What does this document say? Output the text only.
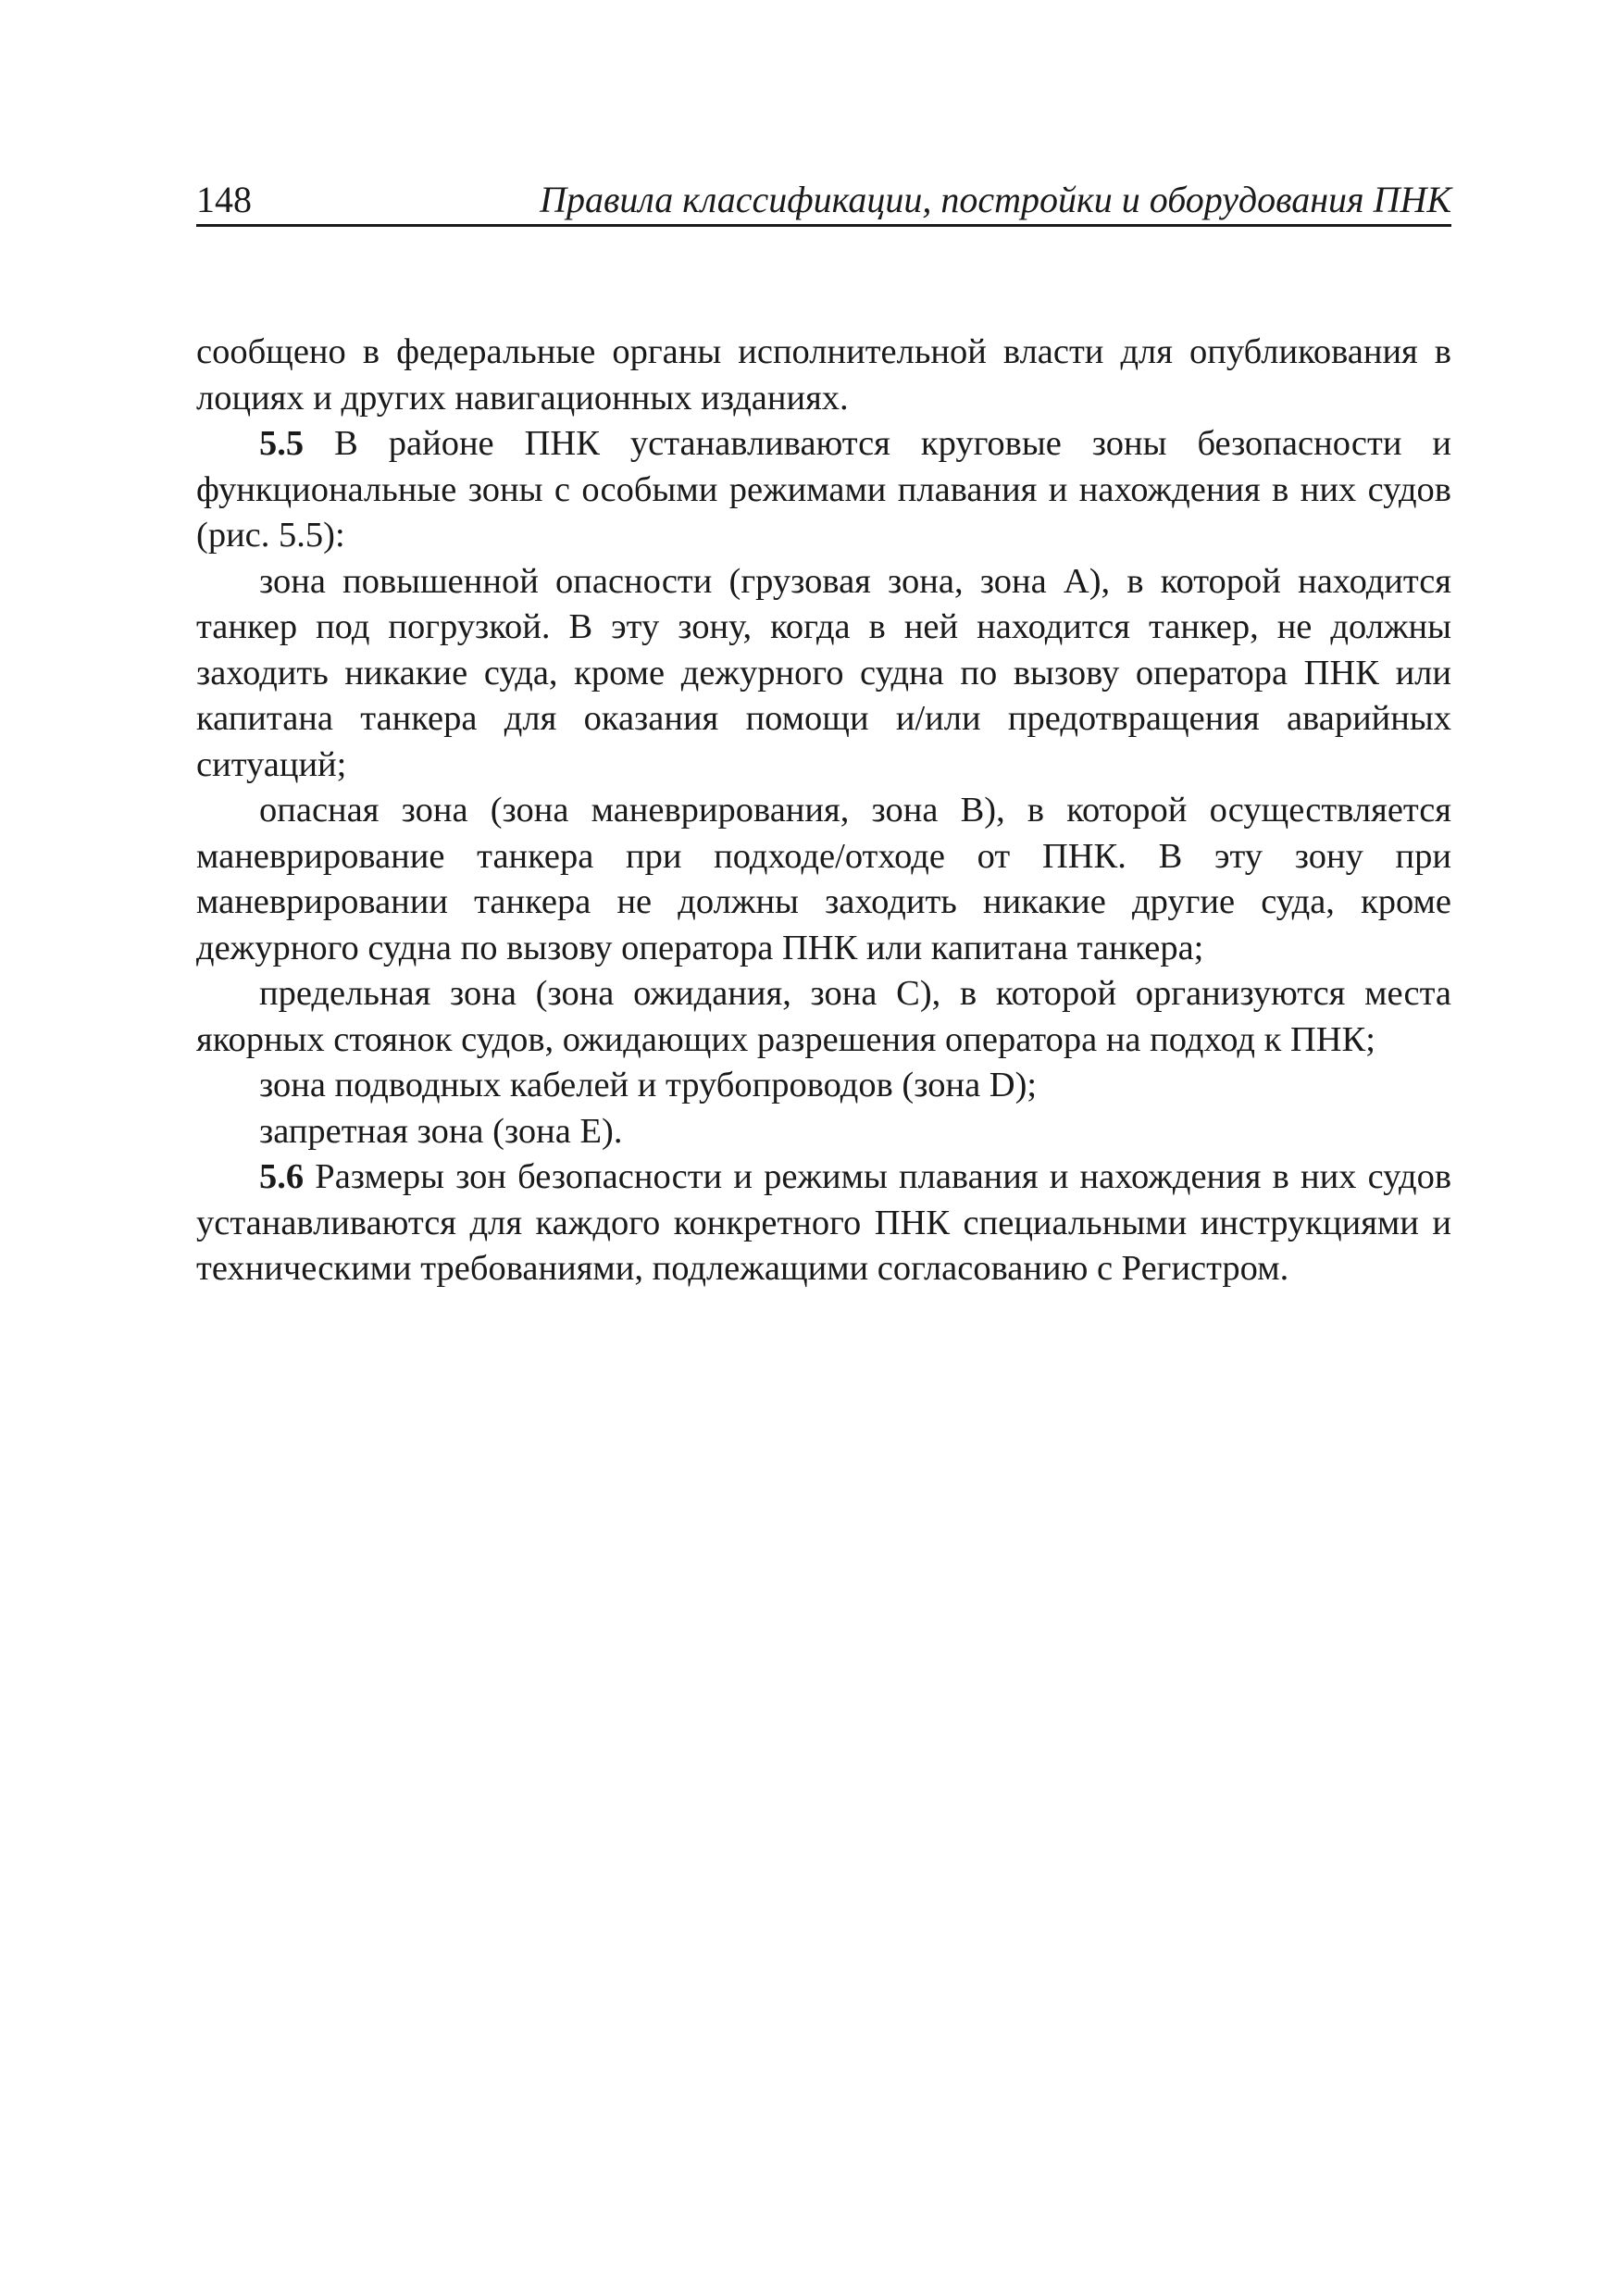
148	Правила классификации, постройки и оборудования ПНК

сообщено в федеральные органы исполнительной власти для опубликования в лоциях и других навигационных изданиях.

5.5 В районе ПНК устанавливаются круговые зоны безопасности и функциональные зоны с особыми режимами плавания и нахождения в них судов (рис. 5.5):

зона повышенной опасности (грузовая зона, зона А), в которой находится танкер под погрузкой. В эту зону, когда в ней находится танкер, не должны заходить никакие суда, кроме дежурного судна по вызову оператора ПНК или капитана танкера для оказания помощи и/или предотвращения аварийных ситуаций;

опасная зона (зона маневрирования, зона В), в которой осуществляется маневрирование танкера при подходе/отходе от ПНК. В эту зону при маневрировании танкера не должны заходить никакие другие суда, кроме дежурного судна по вызову оператора ПНК или капитана танкера;

предельная зона (зона ожидания, зона С), в которой организуются места якорных стоянок судов, ожидающих разрешения оператора на подход к ПНК;

зона подводных кабелей и трубопроводов (зона D);

запретная зона (зона Е).

5.6 Размеры зон безопасности и режимы плавания и нахождения в них судов устанавливаются для каждого конкретного ПНК специальными инструкциями и техническими требованиями, подлежащими согласованию с Регистром.
